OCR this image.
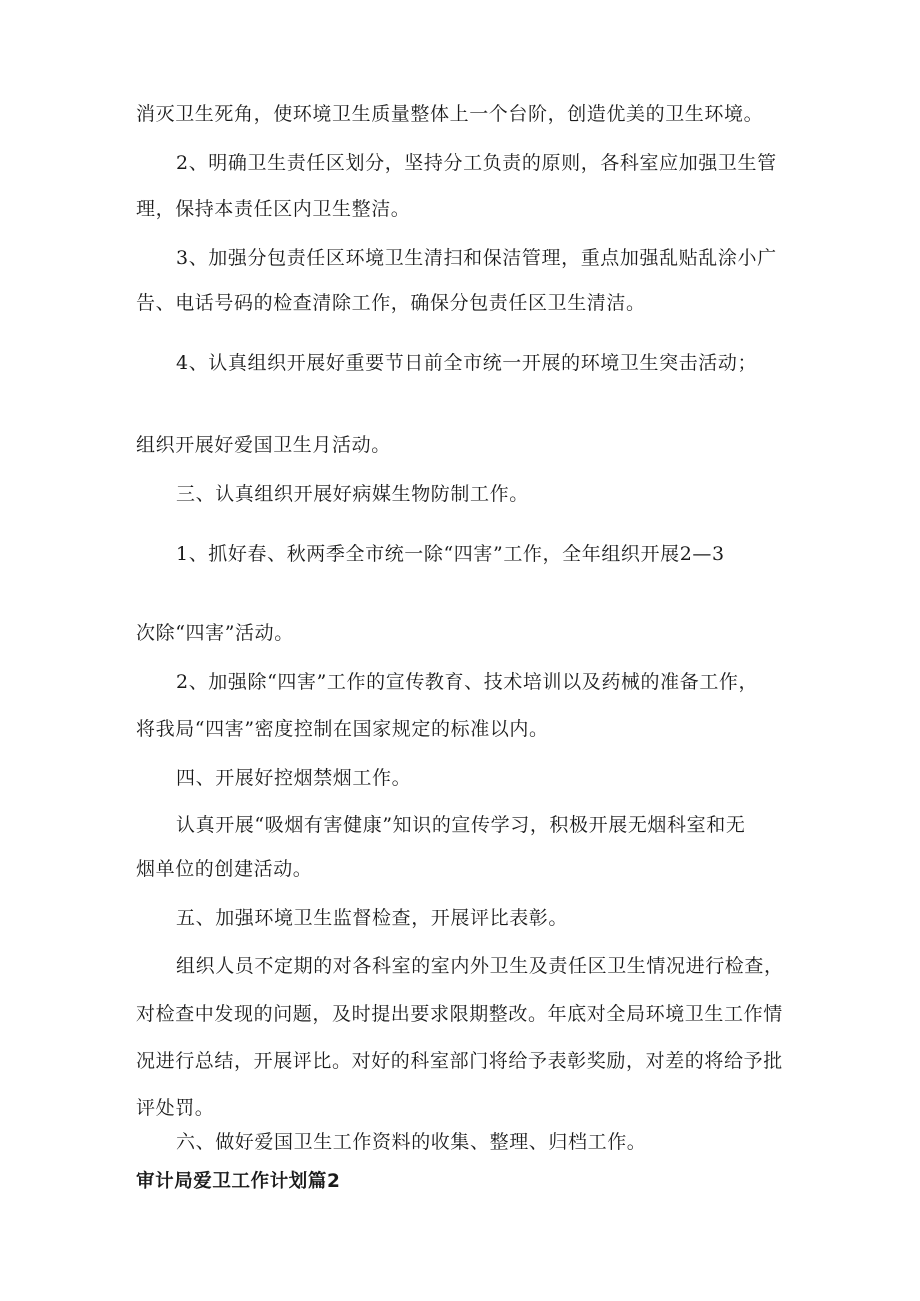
消灭卫生死角，使环境卫生质量整体上一个台阶，创造优美的卫生环境。
2、明确卫生责任区划分，坚持分工负责的原则，各科室应加强卫生管
理，保持本责任区内卫生整洁。
3、加强分包责任区环境卫生清扫和保洁管理，重点加强乱贴乱涂小广
告、电话号码的检查清除工作，确保分包责任区卫生清洁。
4、认真组织开展好重要节日前全市统一开展的环境卫生突击活动；
组织开展好爱国卫生月活动。
三、认真组织开展好病媒生物防制工作。
1、抓好春、秋两季全市统一除“四害”工作，全年组织开展2—3
次除“四害”活动。
2、加强除“四害”工作的宣传教育、技术培训以及药械的准备工作，
将我局“四害”密度控制在国家规定的标准以内。
四、开展好控烟禁烟工作。
认真开展“吸烟有害健康”知识的宣传学习，积极开展无烟科室和无
烟单位的创建活动。
五、加强环境卫生监督检查，开展评比表彰。
组织人员不定期的对各科室的室内外卫生及责任区卫生情况进行检查，
对检查中发现的问题，及时提出要求限期整改。年底对全局环境卫生工作情
况进行总结，开展评比。对好的科室部门将给予表彰奖励，对差的将给予批
评处罚。
六、做好爱国卫生工作资料的收集、整理、归档工作。
审计局爱卫工作计划篇2
